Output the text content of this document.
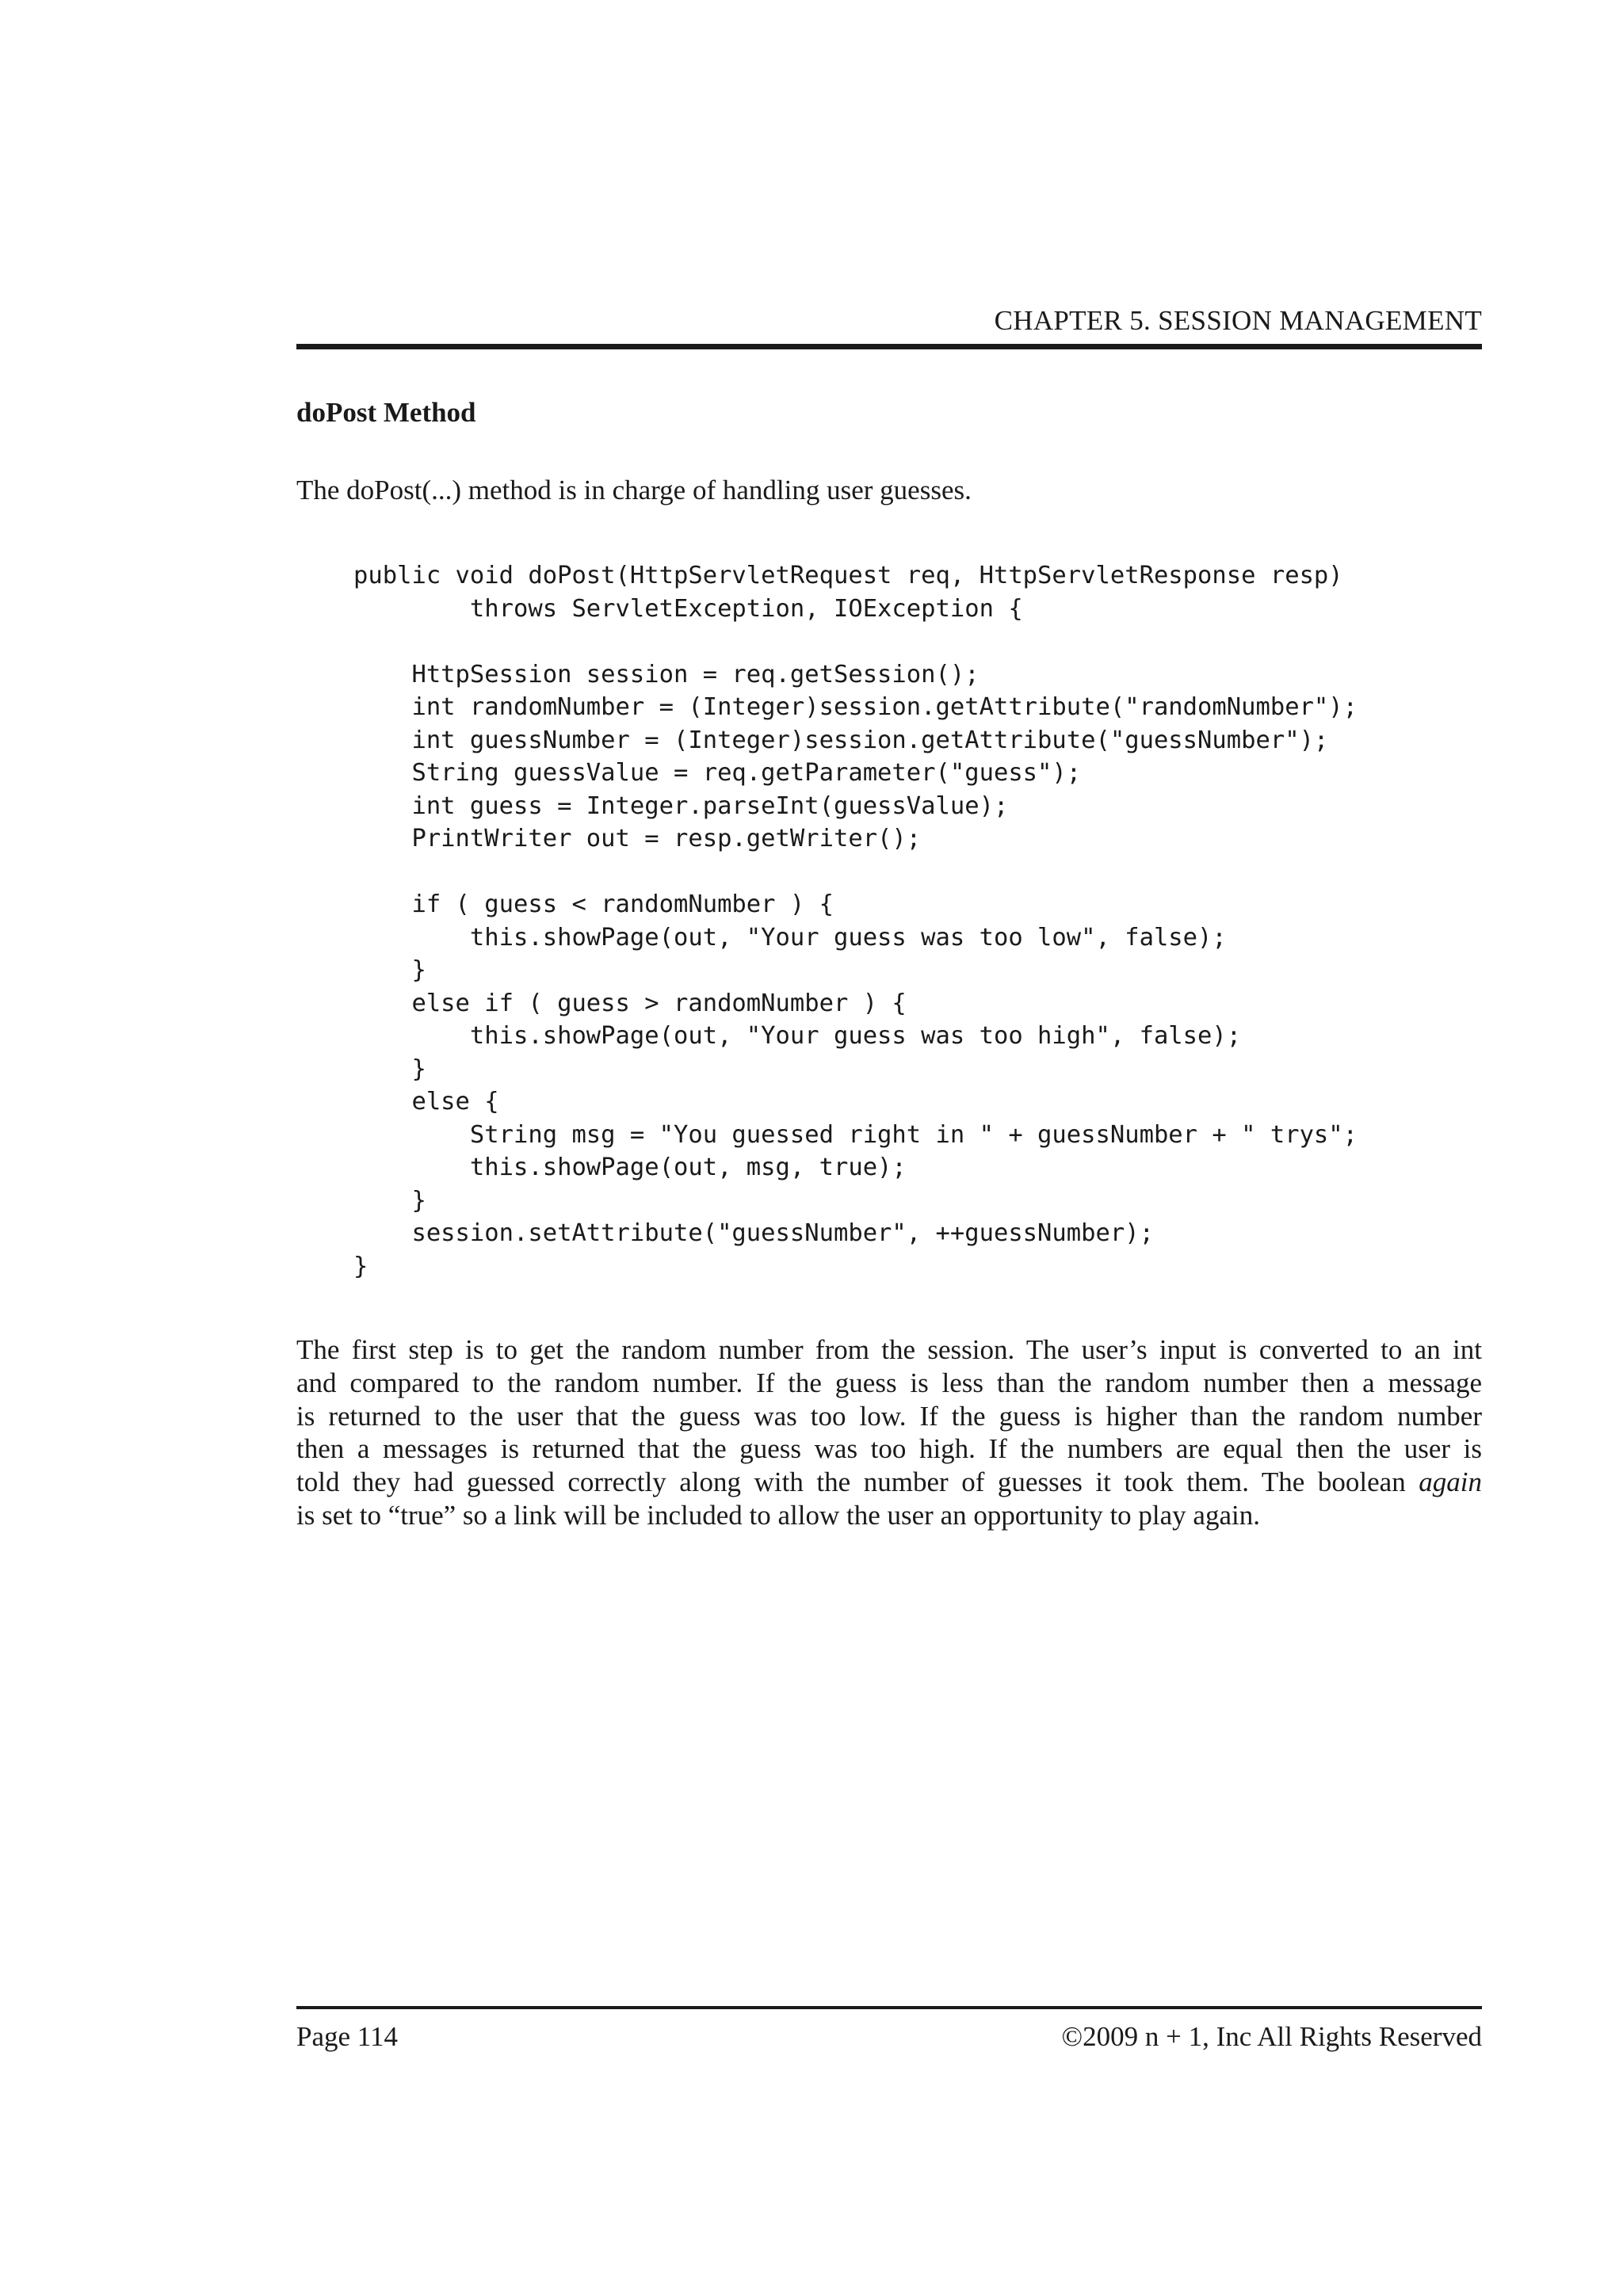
CHAPTER 5. SESSION MANAGEMENT
doPost Method
The doPost(...) method is in charge of handling user guesses.
public void doPost(HttpServletRequest req, HttpServletResponse resp)
throws ServletException, IOException {
HttpSession session = req.getSession();
int randomNumber = (Integer)session.getAttribute("randomNumber");
int guessNumber = (Integer)session.getAttribute("guessNumber");
String guessValue = req.getParameter("guess");
int guess = Integer.parseInt(guessValue);
PrintWriter out = resp.getWriter();
if ( guess < randomNumber ) {
this.showPage(out, "Your guess was too low", false);
}
else if ( guess > randomNumber ) {
this.showPage(out, "Your guess was too high", false);
}
else {
String msg = "You guessed right in " + guessNumber + " trys";
this.showPage(out, msg, true);
}
session.setAttribute("guessNumber", ++guessNumber);
}
The first step is to get the random number from the session. The user’s input is converted to an int
and compared to the random number. If the guess is less than the random number then a message
is returned to the user that the guess was too low. If the guess is higher than the random number
then a messages is returned that the guess was too high. If the numbers are equal then the user is
told they had guessed correctly along with the number of guesses it took them. The boolean again
is set to “true” so a link will be included to allow the user an opportunity to play again.
Page 114	©2009 n + 1, Inc All Rights Reserved
